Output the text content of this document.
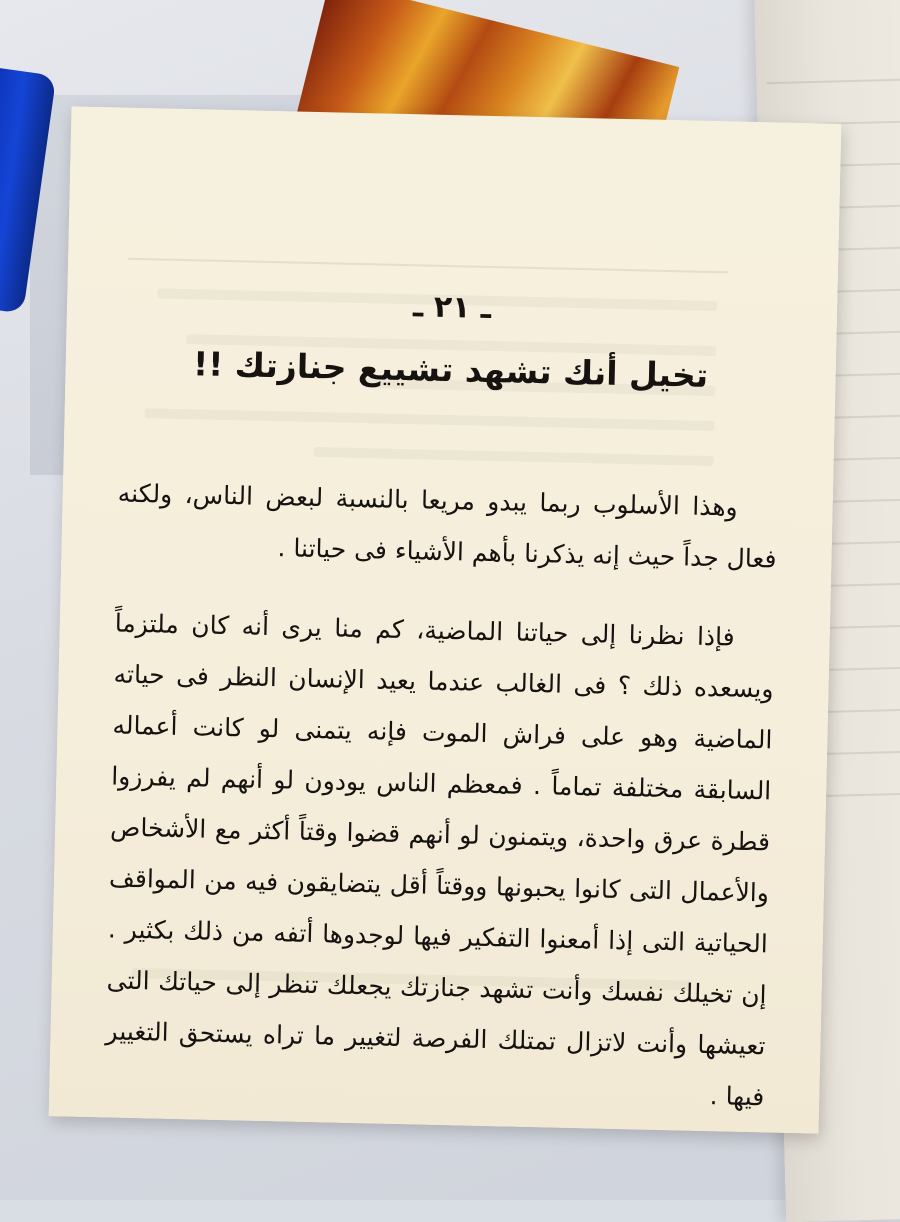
ـ ٢١ ـ
تخيل أنك تشهد تشييع جنازتك !!

وهذا الأسلوب ربما يبدو مريعا بالنسبة لبعض الناس، ولكنه فعال جداً حيث إنه يذكرنا بأهم الأشياء فى حياتنا .

فإذا نظرنا إلى حياتنا الماضية، كم منا يرى أنه كان ملتزماً ويسعده ذلك ؟ فى الغالب عندما يعيد الإنسان النظر فى حياته الماضية وهو على فراش الموت فإنه يتمنى لو كانت أعماله السابقة مختلفة تماماً . فمعظم الناس يودون لو أنهم لم يفرزوا قطرة عرق واحدة، ويتمنون لو أنهم قضوا وقتاً أكثر مع الأشخاص والأعمال التى كانوا يحبونها ووقتاً أقل يتضايقون فيه من المواقف الحياتية التى إذا أمعنوا التفكير فيها لوجدوها أتفه من ذلك بكثير . إن تخيلك نفسك وأنت تشهد جنازتك يجعلك تنظر إلى حياتك التى تعيشها وأنت لاتزال تمتلك الفرصة لتغيير ما تراه يستحق التغيير فيها .
